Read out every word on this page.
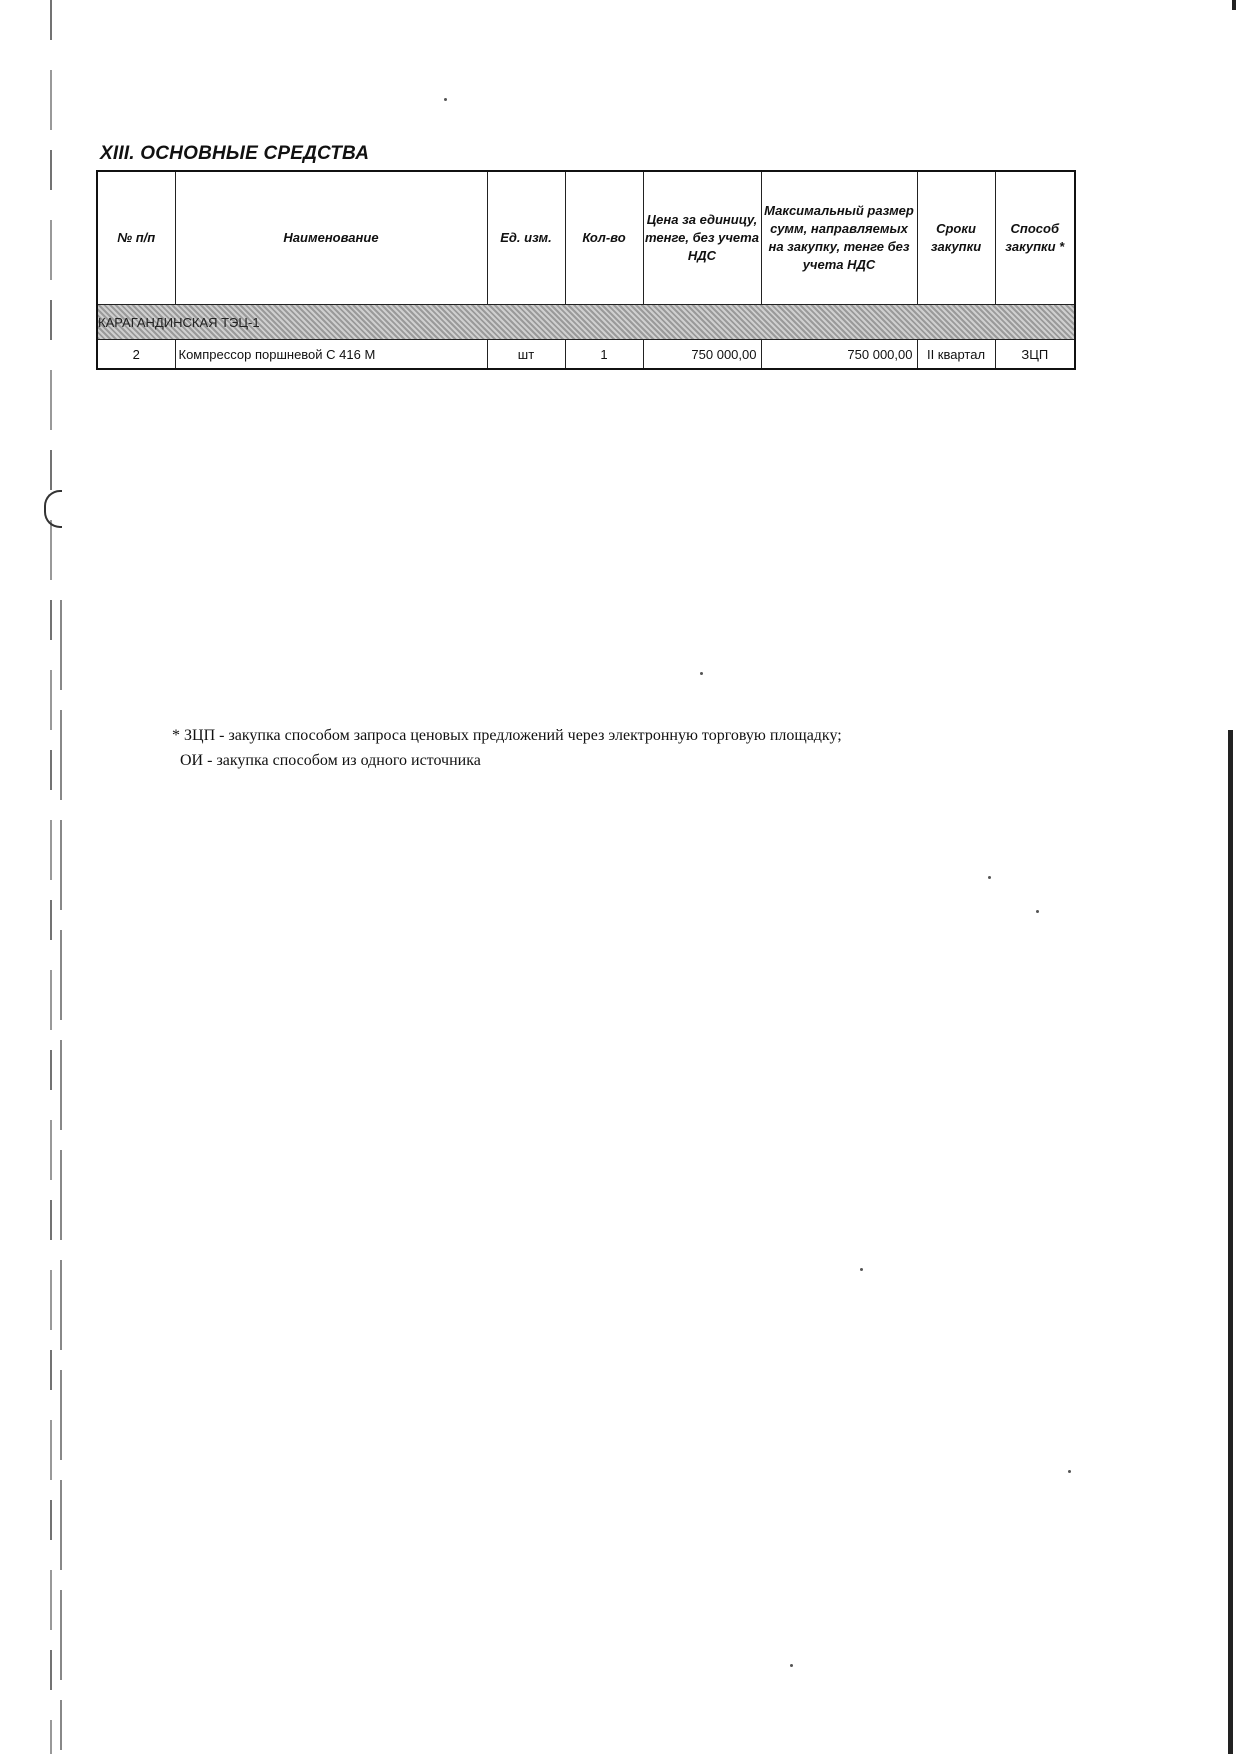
XIII. ОСНОВНЫЕ СРЕДСТВА
№ п/п	Наименование	Ед. изм.	Кол-во	Цена за единицу, тенге, без учета НДС	Максимальный размер сумм, направляемых на закупку, тенге без учета НДС	Сроки закупки	Способ закупки *
КАРАГАНДИНСКАЯ ТЭЦ-1							
2	Компрессор поршневой С 416 М	шт	1	750 000,00	750 000,00	II квартал	ЗЦП
* ЗЦП - закупка способом запроса ценовых предложений через электронную торговую площадку;
ОИ - закупка способом из одного источника
